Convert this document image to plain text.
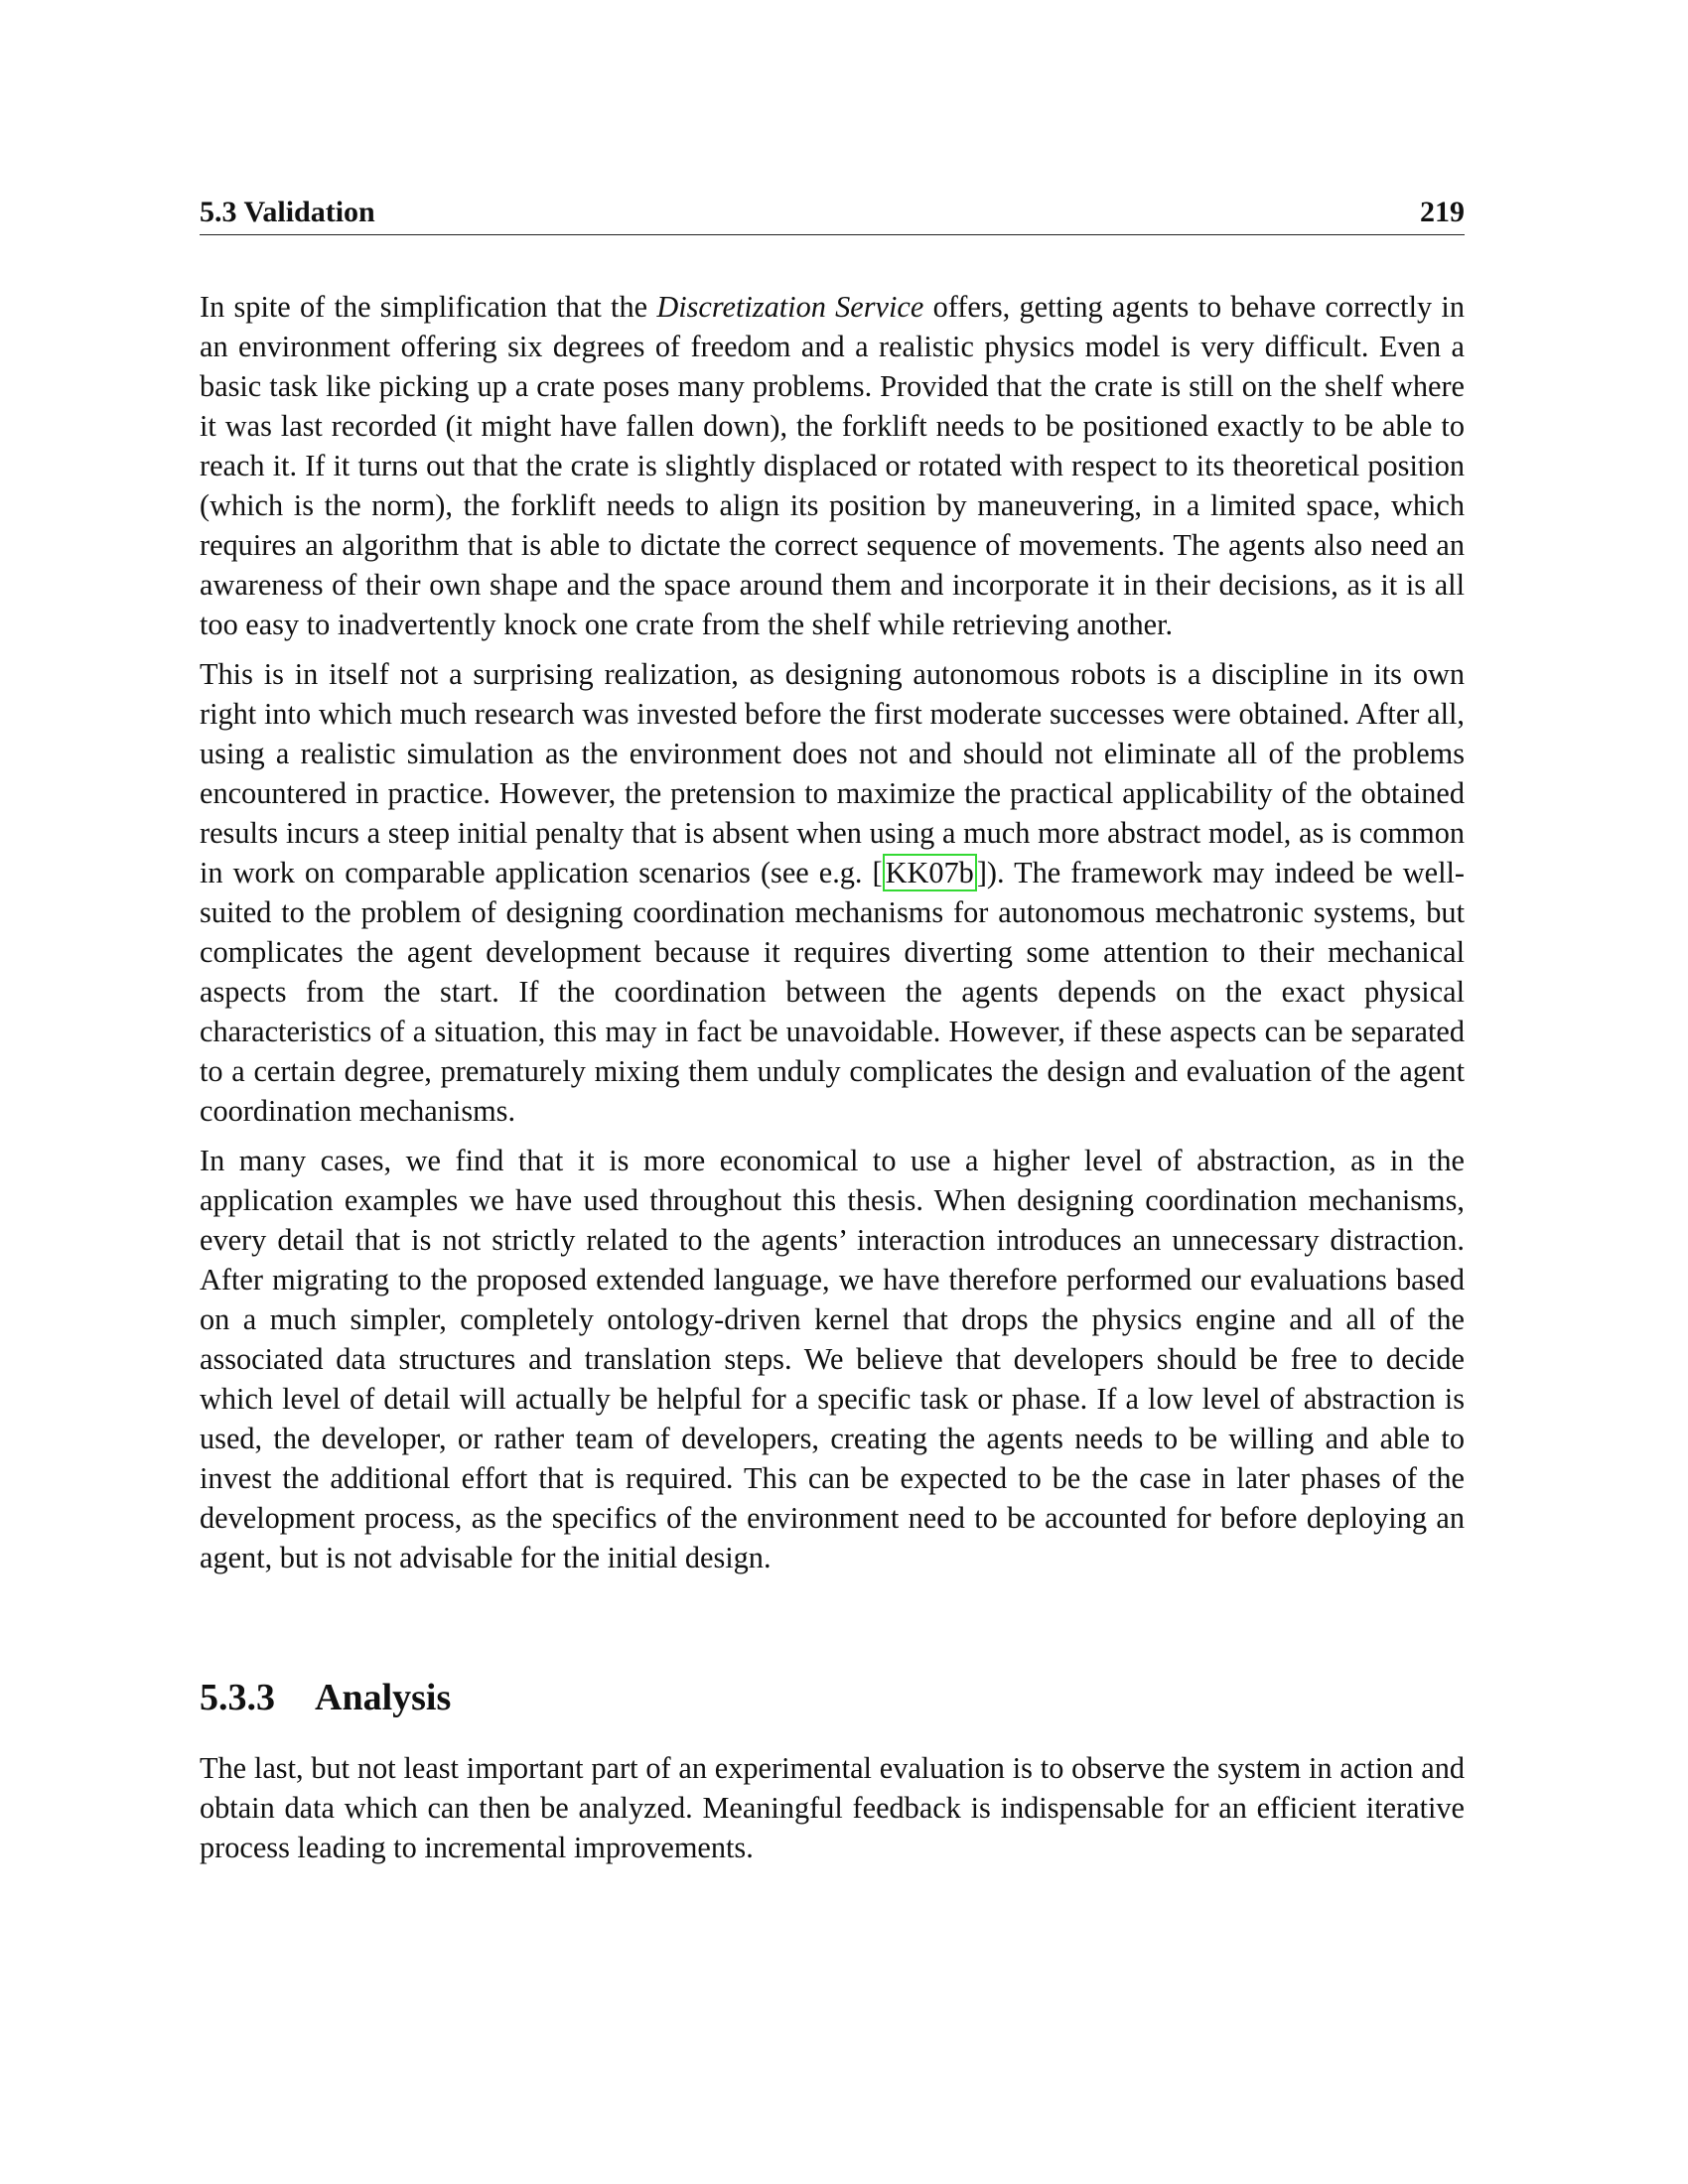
5.3 Validation	219

In spite of the simplification that the Discretization Service offers, getting agents to behave correctly in an environment offering six degrees of freedom and a realistic physics model is very difficult. Even a basic task like picking up a crate poses many problems. Provided that the crate is still on the shelf where it was last recorded (it might have fallen down), the forklift needs to be positioned exactly to be able to reach it. If it turns out that the crate is slightly displaced or rotated with respect to its theoretical position (which is the norm), the forklift needs to align its position by maneuvering, in a limited space, which requires an algorithm that is able to dictate the correct sequence of movements. The agents also need an awareness of their own shape and the space around them and incorporate it in their decisions, as it is all too easy to inadvertently knock one crate from the shelf while retrieving another.

This is in itself not a surprising realization, as designing autonomous robots is a discipline in its own right into which much research was invested before the first moderate successes were obtained. After all, using a realistic simulation as the environment does not and should not eliminate all of the problems encountered in practice. However, the pretension to maximize the practical applicability of the obtained results incurs a steep initial penalty that is absent when using a much more abstract model, as is common in work on comparable application scenarios (see e.g. [KK07b]). The framework may indeed be well-suited to the problem of designing coordination mechanisms for autonomous mechatronic systems, but complicates the agent development because it requires diverting some attention to their mechanical aspects from the start. If the coordination between the agents depends on the exact physical characteristics of a situation, this may in fact be unavoidable. However, if these aspects can be separated to a certain degree, prematurely mixing them unduly complicates the design and evaluation of the agent coordination mechanisms.

In many cases, we find that it is more economical to use a higher level of abstraction, as in the application examples we have used throughout this thesis. When designing coordination mechanisms, every detail that is not strictly related to the agents’ interaction introduces an unnecessary distraction. After migrating to the proposed extended language, we have therefore performed our evaluations based on a much simpler, completely ontology-driven kernel that drops the physics engine and all of the associated data structures and translation steps. We believe that developers should be free to decide which level of detail will actually be helpful for a specific task or phase. If a low level of abstraction is used, the developer, or rather team of developers, creating the agents needs to be willing and able to invest the additional effort that is required. This can be expected to be the case in later phases of the development process, as the specifics of the environment need to be accounted for before deploying an agent, but is not advisable for the initial design.

5.3.3 Analysis

The last, but not least important part of an experimental evaluation is to observe the system in action and obtain data which can then be analyzed. Meaningful feedback is indispensable for an efficient iterative process leading to incremental improvements.
